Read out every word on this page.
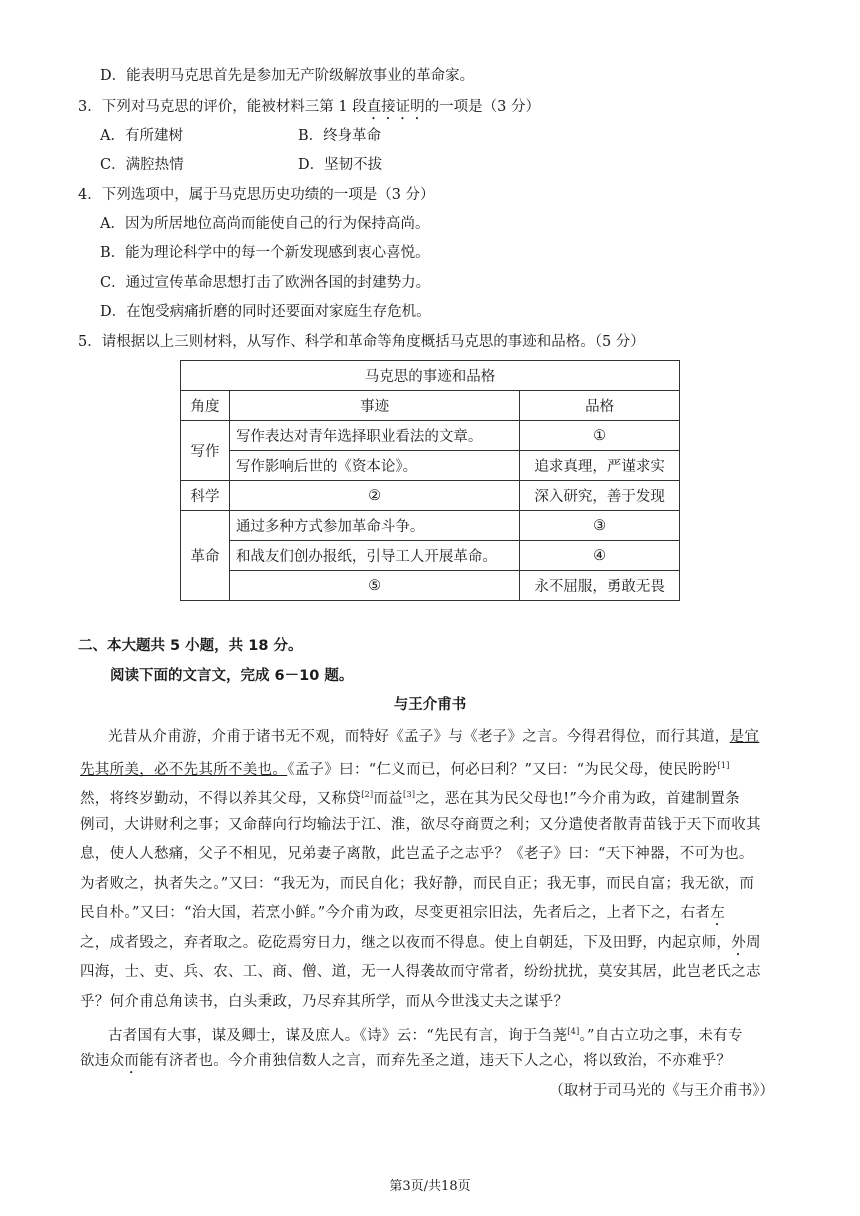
D．能表明马克思首先是参加无产阶级解放事业的革命家。
3．下列对马克思的评价，能被材料三第 1 段直接证明的一项是（3 分）
A．有所建树	B．终身革命
C．满腔热情	D．坚韧不拔
4．下列选项中，属于马克思历史功绩的一项是（3 分）
A．因为所居地位高尚而能使自己的行为保持高尚。
B．能为理论科学中的每一个新发现感到衷心喜悦。
C．通过宣传革命思想打击了欧洲各国的封建势力。
D．在饱受病痛折磨的同时还要面对家庭生存危机。
5．请根据以上三则材料，从写作、科学和革命等角度概括马克思的事迹和品格。（5 分）
马克思的事迹和品格		
角度	事迹	品格
写作	写作表达对青年选择职业看法的文章。	①
	写作影响后世的《资本论》。	追求真理，严谨求实
科学	②	深入研究，善于发现
革命	通过多种方式参加革命斗争。	③
	和战友们创办报纸，引导工人开展革命。	④
	⑤	永不屈服，勇敢无畏
二、本大题共 5 小题，共 18 分。
阅读下面的文言文，完成 6－10 题。
与王介甫书
光昔从介甫游，介甫于诸书无不观，而特好《孟子》与《老子》之言。今得君得位，而行其道，是宜
先其所美，必不先其所不美也。《孟子》曰：“仁义而已，何必曰利？”又曰：“为民父母，使民盻盻[1]
然，将终岁勤动，不得以养其父母，又称贷[2]而益[3]之，恶在其为民父母也!”今介甫为政，首建制置条
例司，大讲财利之事；又命薛向行均输法于江、淮，欲尽夺商贾之利；又分遣使者散青苗钱于天下而收其
息，使人人愁痛，父子不相见，兄弟妻子离散，此岂孟子之志乎？《老子》曰：“天下神器，不可为也。
为者败之，执者失之。”又曰：“我无为，而民自化；我好静，而民自正；我无事，而民自富；我无欲，而
民自朴。”又曰：“治大国，若烹小鲜。”今介甫为政，尽变更祖宗旧法，先者后之，上者下之，右者左
之，成者毁之，弃者取之。矻矻焉穷日力，继之以夜而不得息。使上自朝廷，下及田野，内起京师，外周
四海，士、吏、兵、农、工、商、僧、道，无一人得袭故而守常者，纷纷扰扰，莫安其居，此岂老氏之志
乎？何介甫总角读书，白头秉政，乃尽弃其所学，而从今世浅丈夫之谋乎？
古者国有大事，谋及卿士，谋及庶人。《诗》云：“先民有言，询于刍荛[4]。”自古立功之事，未有专
欲违众而能有济者也。今介甫独信数人之言，而弃先圣之道，违天下人之心，将以致治，不亦难乎？
（取材于司马光的《与王介甫书》）
第3页/共18页
